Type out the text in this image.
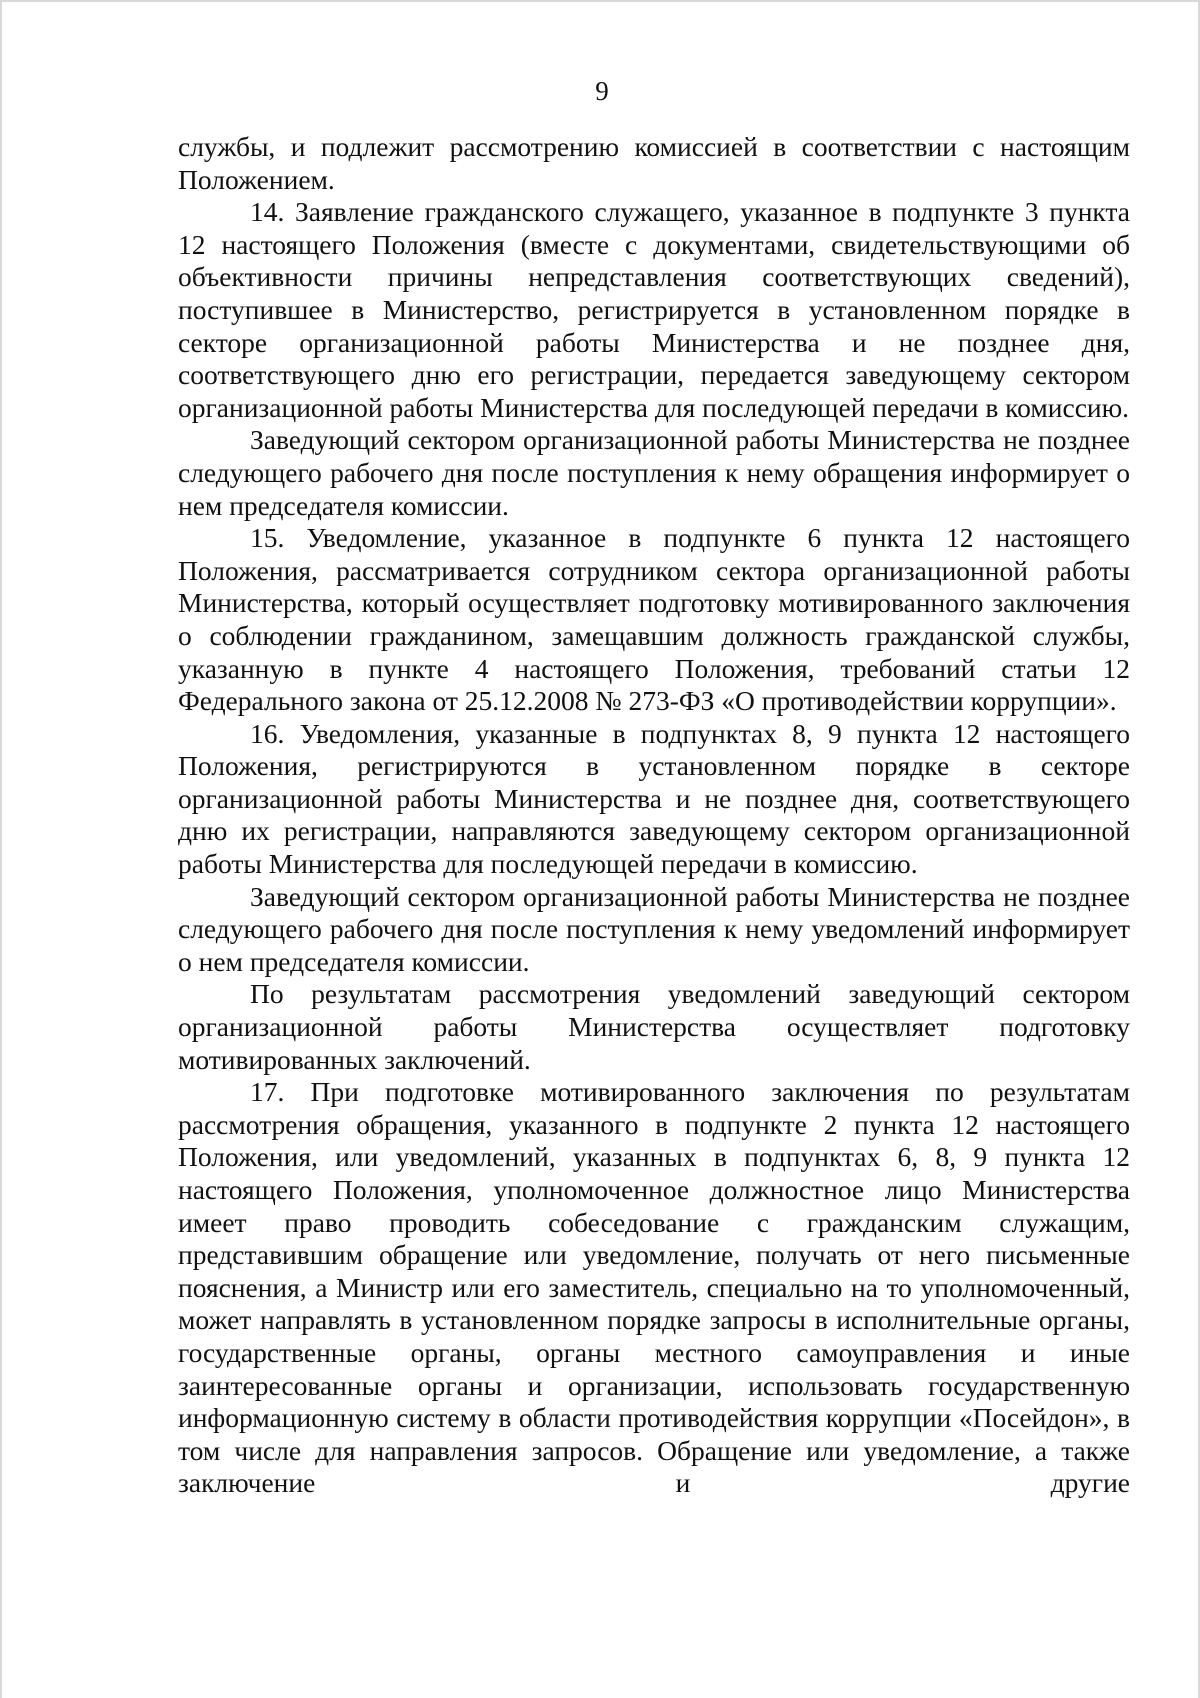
9

службы, и подлежит рассмотрению комиссией в соответствии с настоящим Положением.

14. Заявление гражданского служащего, указанное в подпункте 3 пункта 12 настоящего Положения (вместе с документами, свидетельствующими об объективности причины непредставления соответствующих сведений), поступившее в Министерство, регистрируется в установленном порядке в секторе организационной работы Министерства и не позднее дня, соответствующего дню его регистрации, передается заведующему сектором организационной работы Министерства для последующей передачи в комиссию.

Заведующий сектором организационной работы Министерства не позднее следующего рабочего дня после поступления к нему обращения информирует о нем председателя комиссии.

15. Уведомление, указанное в подпункте 6 пункта 12 настоящего Положения, рассматривается сотрудником сектора организационной работы Министерства, который осуществляет подготовку мотивированного заключения о соблюдении гражданином, замещавшим должность гражданской службы, указанную в пункте 4 настоящего Положения, требований статьи 12 Федерального закона от 25.12.2008 № 273-ФЗ «О противодействии коррупции».

16. Уведомления, указанные в подпунктах 8, 9 пункта 12 настоящего Положения, регистрируются в установленном порядке в секторе организационной работы Министерства и не позднее дня, соответствующего дню их регистрации, направляются заведующему сектором организационной работы Министерства для последующей передачи в комиссию.

Заведующий сектором организационной работы Министерства не позднее следующего рабочего дня после поступления к нему уведомлений информирует о нем председателя комиссии.

По результатам рассмотрения уведомлений заведующий сектором организационной работы Министерства осуществляет подготовку мотивированных заключений.

17. При подготовке мотивированного заключения по результатам рассмотрения обращения, указанного в подпункте 2 пункта 12 настоящего Положения, или уведомлений, указанных в подпунктах 6, 8, 9 пункта 12 настоящего Положения, уполномоченное должностное лицо Министерства имеет право проводить собеседование с гражданским служащим, представившим обращение или уведомление, получать от него письменные пояснения, а Министр или его заместитель, специально на то уполномоченный, может направлять в установленном порядке запросы в исполнительные органы, государственные органы, органы местного самоуправления и иные заинтересованные органы и организации, использовать государственную информационную систему в области противодействия коррупции «Посейдон», в том числе для направления запросов. Обращение или уведомление, а также заключение и другие
